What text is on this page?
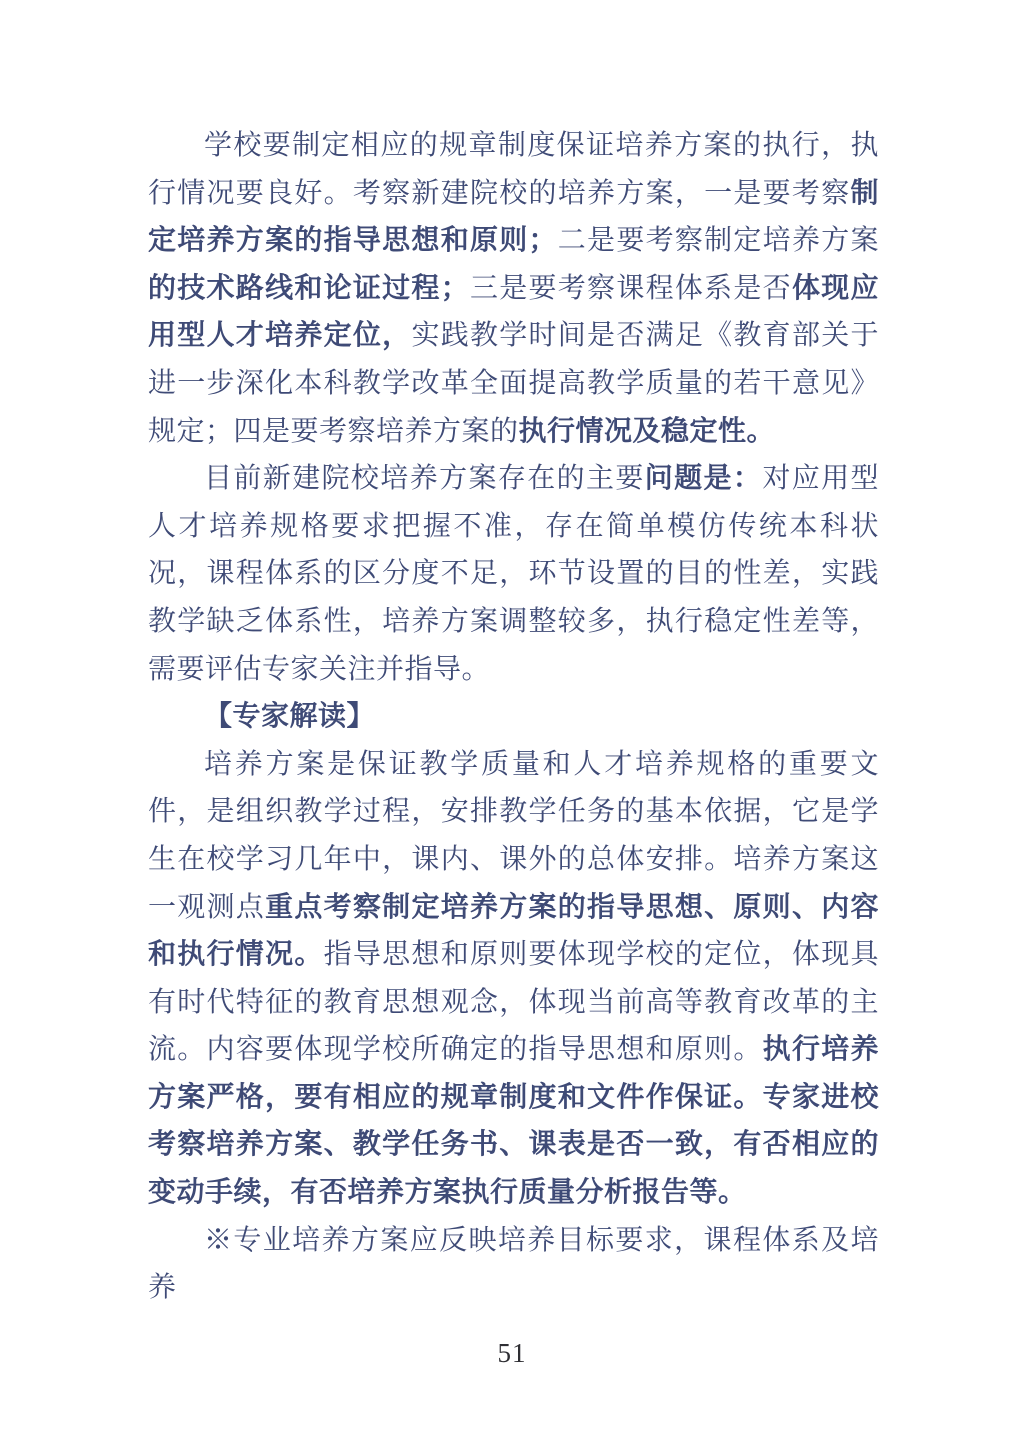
学校要制定相应的规章制度保证培养方案的执行，执行情况要良好。考察新建院校的培养方案，一是要考察制定培养方案的指导思想和原则；二是要考察制定培养方案的技术路线和论证过程；三是要考察课程体系是否体现应用型人才培养定位，实践教学时间是否满足《教育部关于进一步深化本科教学改革全面提高教学质量的若干意见》规定；四是要考察培养方案的执行情况及稳定性。

目前新建院校培养方案存在的主要问题是：对应用型人才培养规格要求把握不准，存在简单模仿传统本科状况，课程体系的区分度不足，环节设置的目的性差，实践教学缺乏体系性，培养方案调整较多，执行稳定性差等，需要评估专家关注并指导。

【专家解读】

培养方案是保证教学质量和人才培养规格的重要文件，是组织教学过程，安排教学任务的基本依据，它是学生在校学习几年中，课内、课外的总体安排。培养方案这一观测点重点考察制定培养方案的指导思想、原则、内容和执行情况。指导思想和原则要体现学校的定位，体现具有时代特征的教育思想观念，体现当前高等教育改革的主流。内容要体现学校所确定的指导思想和原则。执行培养方案严格，要有相应的规章制度和文件作保证。专家进校考察培养方案、教学任务书、课表是否一致，有否相应的变动手续，有否培养方案执行质量分析报告等。

※专业培养方案应反映培养目标要求，课程体系及培养

51
